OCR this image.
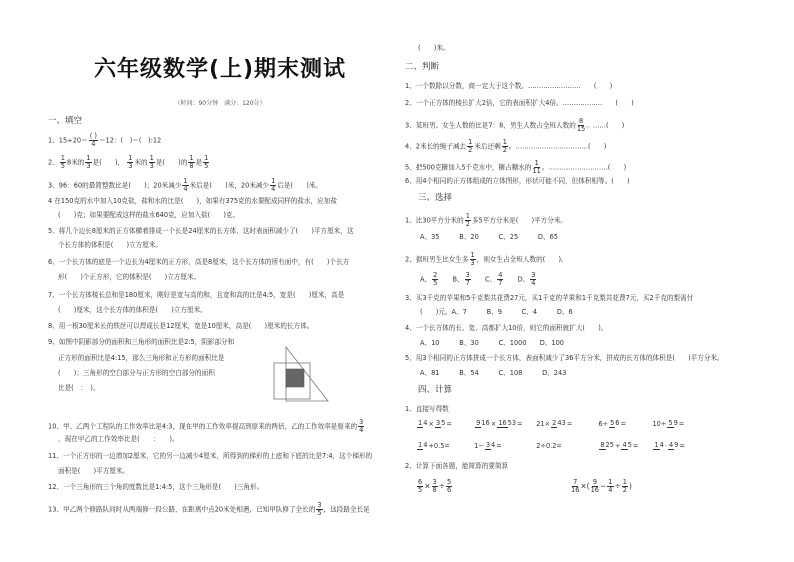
六年级数学(上)期末测试
（时间：90分钟　满分：120分）
一、填空
1、$15\div 20= \frac{( )}{4} =12$：(　)＝(　):12
2、 $\frac{1}{5} 8$米的 $\frac{1}{3}$ 是(　　)， $\frac{1}{3}$ 米的 $\frac{1}{3}$ 是(　　)的 $\frac{1}{8}$ 是 $\frac{1}{5}$
3、96：60的最简整数比是(　　)；20米减少 $\frac{1}{4}$ 米后是(　　)米，20米减少 $\frac{1}{4}$ 后是(　　)米。
4 在150克的水中加入10克盐，盐和水的比是(　　)，如果有375克的水要配成同样的盐水，应加盐
(　　)克；如果要配成这样的盐水640克，应加入盐(　　)克。
5、将几个边长8厘米的正方体横着排成一个长是24厘米的长方体，这时表面积减少了(　　)平方厘米，这
个长方体的体积是(　　)立方厘米。
6、一个长方体的底是一个边长为4厘米的正方形，高是8厘米，这个长方体的所有面中，有(　　)个长方
形(　　)个正方形，它的体积是(　　)立方厘米。
7、一个长方体棱长总和是180厘米，刚好是宽与高的和，且宽和高的比是4:5，宽是(　　)厘米，高是
(　　)厘米，这个长方体的体积是(　　)立方厘米。
8、用一根30厘米长的铁丝可以焊成长是12厘米，宽是10厘米，高是(　　)厘米的长方体。
9、如图中阴影部分的面积和三角形的面积比是2:5，阴影部分和
正方形的面积比是4:15，那么三角形和正方形的面积比是
(　　)；三角形的空白部分与正方形的空白部分的面积
比是(　：　)。
10、甲、乙两个工程队的工作效率比是4:3，现在甲的工作效率提高到原来的两倍，乙的工作效率是原来的 $\frac{3}{4}$
，现在甲乙的工作效率比是(　　：　　)。
11、一个正方形的一边增加2厘米，它的另一边减少4厘米，所得到的梯形的上底和下底的比是7:4，这个梯形的
面积是(　　)平方厘米。
12、一个三角形的三个角的度数比是1:4:5，这个三角形是(　　)三角形。
13、甲乙两个修路队同时从两端修一段公路，在距离中点20米处相遇，已知甲队修了全长的 $\frac{3}{5}$ ，这段路全长是
(　　)米。
二、判断
1、一个数除以分数，商一定大于这个数。……………………　　(　　)
2、一个正方体的棱长扩大2倍，它的表面积扩大4倍。………………　　(　　)
3、某班男、女生人数的比是7：8，男生人数占全班人数的 $\frac{8}{15}$ 。……(　　)
4、2米长的绳子减去 $\frac{1}{2}$ 米后还剩 $\frac{1}{2}$ 。……………………………(　　)
5、把500克糖加入5千克水中，糖占糖水的 $\frac{1}{11}$ 。………………………(　　)
6、用4个相同的正方体组成的立体图形，形状可能不同，但体积相等。(　　)
三、选择
1、比30平方分米的 $\frac{1}{2}$ 多5平方分米是(　　)平方分米。
A、35　　　B、20　　　C、25　　　D、65
2、据班男生比女生多 $\frac{1}{3}$ ，则女生占全班人数的(　　)。
A、 $\frac{2}{5}$ 　　B、 $\frac{3}{7}$ 　　C、 $\frac{4}{7}$ 　　D、 $\frac{3}{4}$
3、买3千克的苹果和5千克梨共花费27元，买1千克的苹果和1千克梨共花费7元，买2千克的梨需付
(　　)元。A、7　　　B、9　　　C、4　　　D、6
4、一个长方体的长、宽、高都扩大10倍，则它的面积就扩大(　　)。
A、10　　　B、30　　　C、1000　　D、100
5、用3个相同的正方体拼成一个长方体，表面积减少了36平方分米，拼成的长方体的体积是(　　)平方分米。
A、81　　　B、54　　　C、108　　　D、243
四、计算
1、直接写得数
14× 35=	916× 1653= 21× 243=	6÷ 56=	10÷ 59=
14+0.5=	1− 34=	2÷0.2=	825÷ 45= 14· 49=
2、计算下面各题，能简算的要简算
$\frac{6}{5} \times \frac{3}{8} \div \frac{5}{6}$	$\frac{7}{16}$ ×( $\frac{9}{16} - \frac{1}{4} \div \frac{1}{2}$ )
